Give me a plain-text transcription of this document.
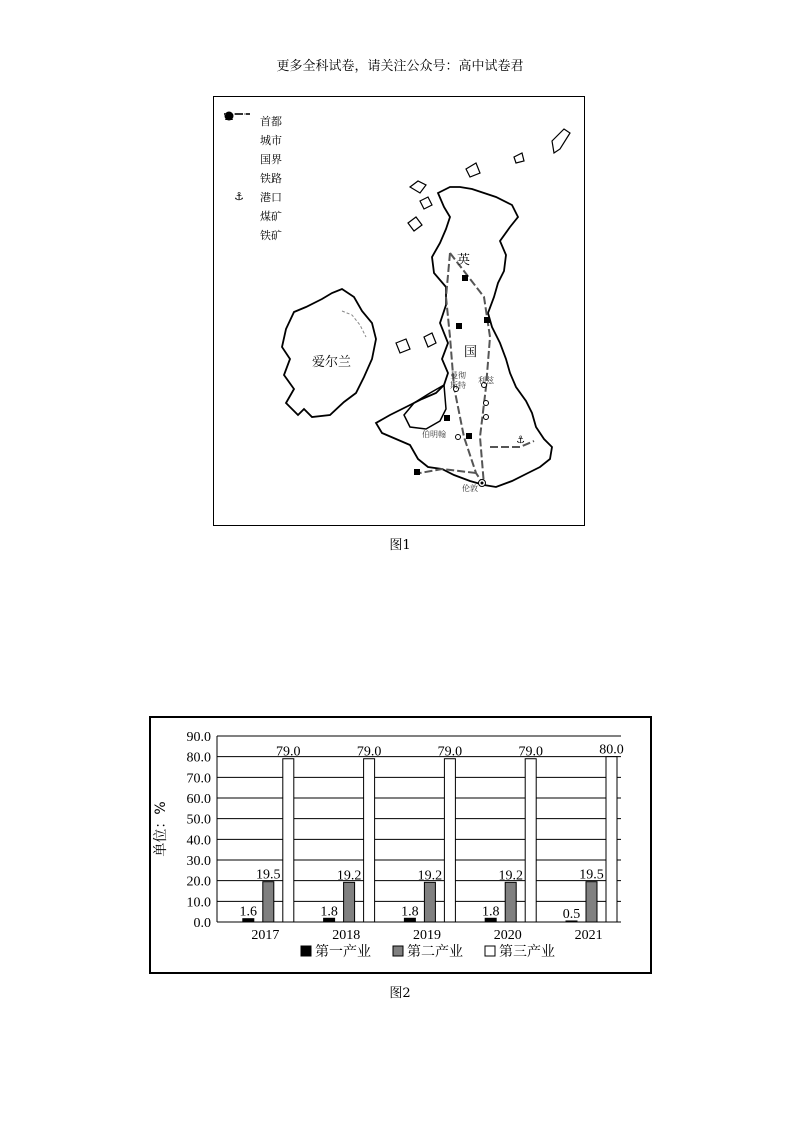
更多全科试卷，请关注公众号：高中试卷君
⚓
首都
城市
国界
铁路
⚓	港口
煤矿
铁矿
英
国
爱尔兰
曼彻
斯特
利兹
伯明翰
伦敦
图1
0.0
10.0
20.0
30.0
40.0
50.0
60.0
70.0
80.0
90.0
单位：%
1.6
19.5
79.0
2017
1.8
19.2
79.0
2018
1.8
19.2
79.0
2019
1.8
19.2
79.0
2020
0.5
19.5
80.0
2021
第一产业	第二产业	第三产业
图2
